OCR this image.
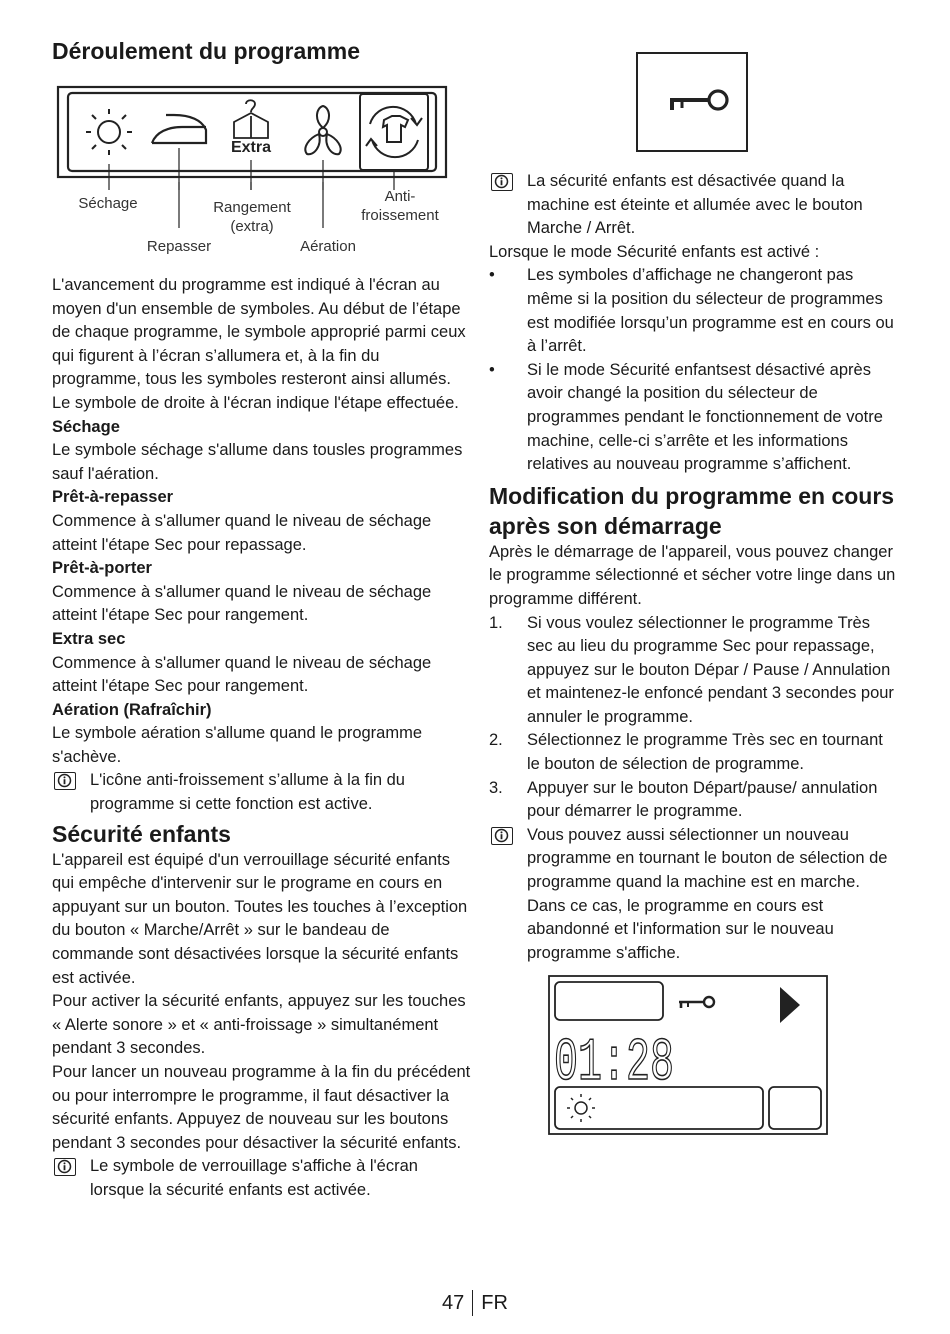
Déroulement du programme
Extra
Séchage
Repasser
Rangement
(extra)
Aération
Anti-
froissement

L'avancement du programme est indiqué à l'écran au moyen d'un ensemble de symboles. Au début de l’étape de chaque programme, le symbole approprié parmi ceux qui figurent à l’écran s’allumera et, à la fin du programme, tous les symboles resteront ainsi allumés. Le symbole de droite à l'écran indique l'étape effectuée.

Séchage

Le symbole séchage s'allume dans tousles programmes sauf l'aération.

Prêt-à-repasser

Commence à s'allumer quand le niveau de séchage atteint l'étape Sec pour repassage.

Prêt-à-porter

Commence à s'allumer quand le niveau de séchage atteint l'étape Sec pour rangement.

Extra sec

Commence à s'allumer quand le niveau de séchage atteint l'étape Sec pour rangement.

Aération (Rafraîchir)

Le symbole aération s'allume quand le programme s'achève.

L'icône anti-froissement s’allume à la fin du programme si cette fonction est active.
Sécurité enfants

L'appareil est équipé d'un verrouillage sécurité enfants qui empêche d'intervenir sur le programe en cours en appuyant sur un bouton. Toutes les touches à l’exception du bouton « Marche/Arrêt » sur le bandeau de commande sont désactivées lorsque la sécurité enfants est activée.

Pour activer la sécurité enfants, appuyez sur les touches « Alerte sonore » et « anti-froissage » simultanément pendant 3 secondes.

Pour lancer un nouveau programme à la fin du précédent ou pour interrompre le programme, il faut désactiver la sécurité enfants. Appuyez de nouveau sur les boutons pendant 3 secondes pour désactiver la sécurité enfants.

Le symbole de verrouillage s'affiche à l'écran lorsque la sécurité enfants est activée.
La sécurité enfants est désactivée quand la machine est éteinte et allumée avec le bouton Marche / Arrêt.

Lorsque le mode Sécurité enfants est activé :

• Les symboles d’affichage ne changeront pas même si la position du sélecteur de programmes est modifiée lorsqu’un programme est en cours ou à l’arrêt.
• Si le mode Sécurité enfantsest désactivé après avoir changé la position du sélecteur de programmes pendant le fonctionnement de votre machine, celle-ci s’arrête et les informations relatives au nouveau programme s’affichent.
Modification du programme en cours après son démarrage

Après le démarrage de l'appareil, vous pouvez changer le programme sélectionné et sécher votre linge dans un programme différent.

1. Si vous voulez sélectionner le programme Très sec au lieu du programme Sec pour repassage, appuyez sur le bouton Dépar / Pause / Annulation et maintenez-le enfoncé pendant 3 secondes pour annuler le programme.
2. Sélectionnez le programme Très sec en tournant le bouton de sélection de programme.
3. Appuyer sur le bouton Départ/pause/ annulation pour démarrer le programme.
Vous pouvez aussi sélectionner un nouveau programme en tournant le bouton de sélection de programme quand la machine est en marche. Dans ce cas, le programme en cours est abandonné et l'information sur le nouveau programme s'affiche.
01:28
47 FR
